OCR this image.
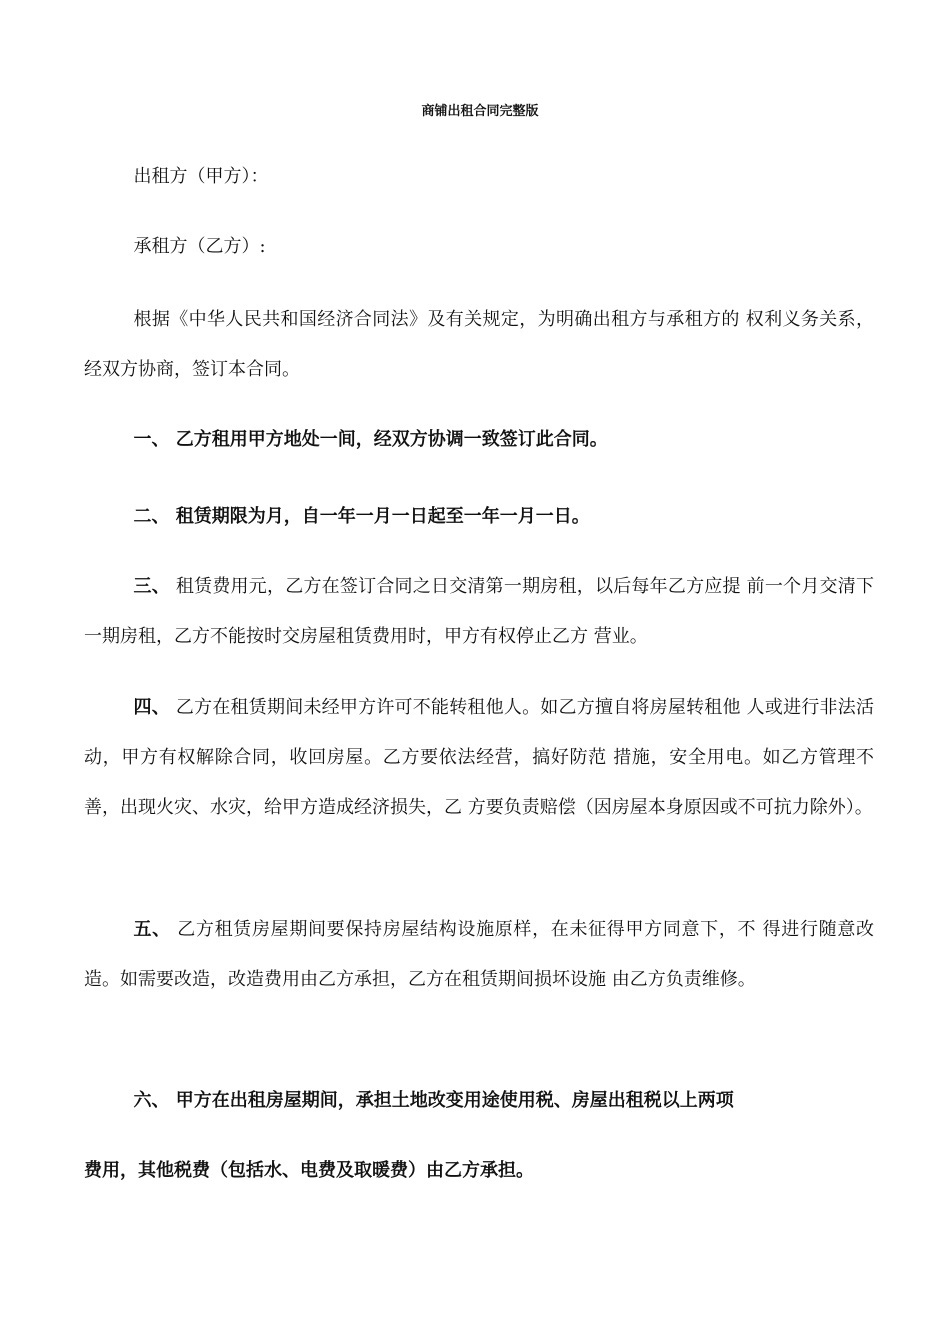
商铺出租合同完整版

出租方（甲方）：

承租方（乙方）:

根据《中华人民共和国经济合同法》及有关规定，为明确出租方与承租方的 权利义务关系，经双方协商，签订本合同。

一、 乙方租用甲方地处一间，经双方协调一致签订此合同。

二、 租赁期限为月，自一年一月一日起至一年一月一日。

三、 租赁费用元，乙方在签订合同之日交清第一期房租，以后每年乙方应提 前一个月交清下一期房租，乙方不能按时交房屋租赁费用时，甲方有权停止乙方 营业。

四、 乙方在租赁期间未经甲方许可不能转租他人。如乙方擅自将房屋转租他 人或进行非法活动，甲方有权解除合同，收回房屋。乙方要依法经营，搞好防范 措施，安全用电。如乙方管理不善，出现火灾、水灾，给甲方造成经济损失，乙 方要负责赔偿（因房屋本身原因或不可抗力除外）。

五、 乙方租赁房屋期间要保持房屋结构设施原样，在未征得甲方同意下，不 得进行随意改造。如需要改造，改造费用由乙方承担，乙方在租赁期间损坏设施 由乙方负责维修。

六、 甲方在出租房屋期间，承担土地改变用途使用税、房屋出租税以上两项

费用，其他税费（包括水、电费及取暖费）由乙方承担。
